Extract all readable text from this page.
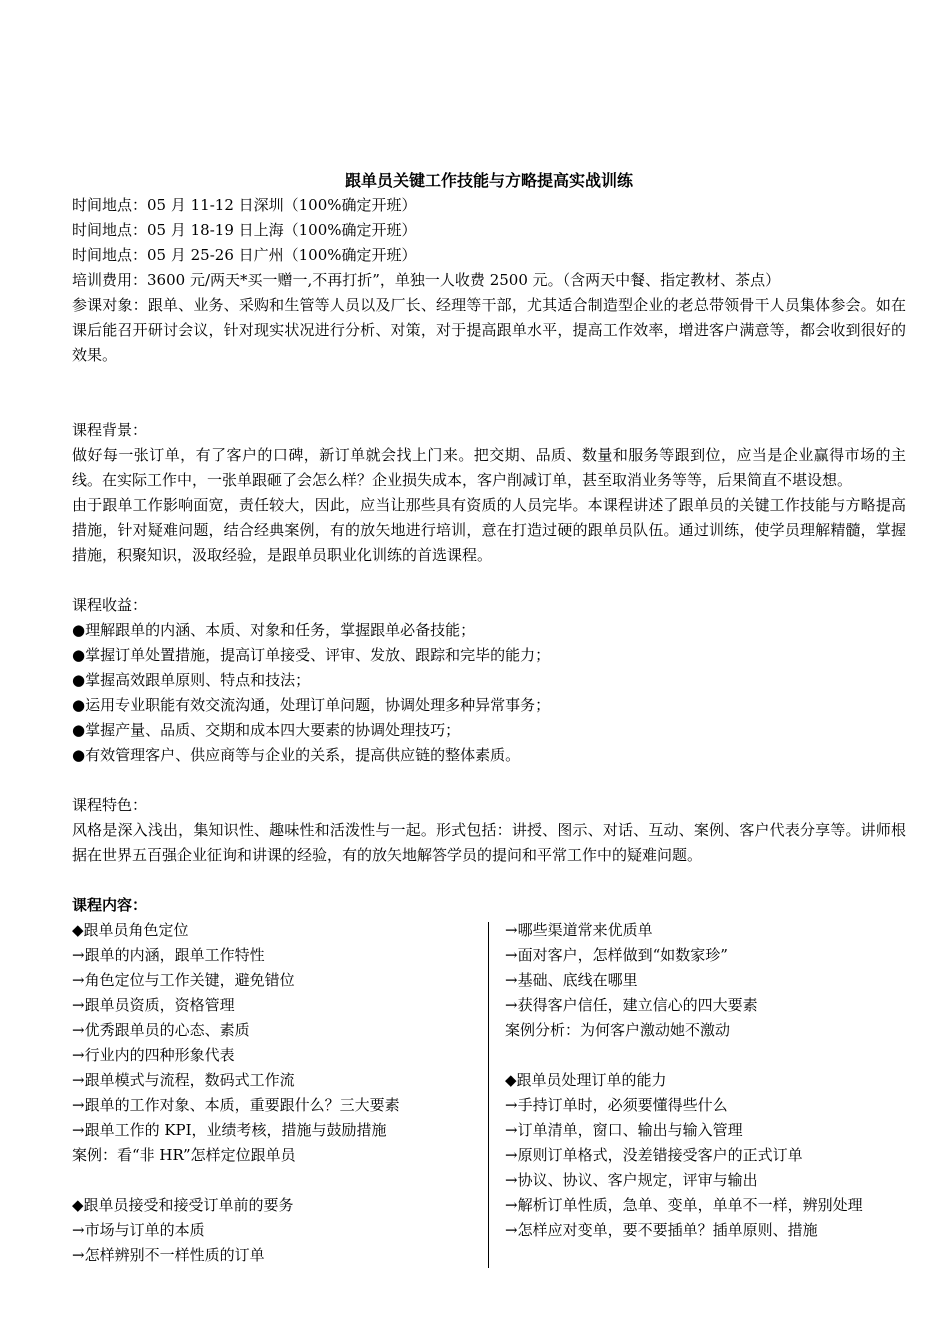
跟单员关键工作技能与方略提高实战训练

时间地点：05 月 11-12 日深圳（100%确定开班）

时间地点：05 月 18-19 日上海（100%确定开班）

时间地点：05 月 25-26 日广州（100%确定开班）

培训费用：3600 元/两天*买一赠一,不再打折”，单独一人收费 2500 元。（含两天中餐、指定教材、茶点）

参课对象：跟单、业务、采购和生管等人员以及厂长、经理等干部，尤其适合制造型企业的老总带领骨干人员集体参会。如在课后能召开研讨会议，针对现实状况进行分析、对策，对于提高跟单水平，提高工作效率，增进客户满意等，都会收到很好的效果。

课程背景：

做好每一张订单，有了客户的口碑，新订单就会找上门来。把交期、品质、数量和服务等跟到位，应当是企业赢得市场的主线。在实际工作中，一张单跟砸了会怎么样？企业损失成本，客户削减订单，甚至取消业务等等，后果简直不堪设想。

由于跟单工作影响面宽，责任较大，因此，应当让那些具有资质的人员完毕。本课程讲述了跟单员的关键工作技能与方略提高措施，针对疑难问题，结合经典案例，有的放矢地进行培训，意在打造过硬的跟单员队伍。通过训练，使学员理解精髓，掌握措施，积聚知识，汲取经验，是跟单员职业化训练的首选课程。

课程收益：

●理解跟单的内涵、本质、对象和任务，掌握跟单必备技能；

●掌握订单处置措施，提高订单接受、评审、发放、跟踪和完毕的能力；

●掌握高效跟单原则、特点和技法；

●运用专业职能有效交流沟通，处理订单问题，协调处理多种异常事务；

●掌握产量、品质、交期和成本四大要素的协调处理技巧；

●有效管理客户、供应商等与企业的关系，提高供应链的整体素质。

课程特色：

风格是深入浅出，集知识性、趣味性和活泼性与一起。形式包括：讲授、图示、对话、互动、案例、客户代表分享等。讲师根据在世界五百强企业征询和讲课的经验，有的放矢地解答学员的提问和平常工作中的疑难问题。

课程内容：

◆跟单员角色定位

→跟单的内涵，跟单工作特性

→角色定位与工作关键，避免错位

→跟单员资质，资格管理

→优秀跟单员的心态、素质

→行业内的四种形象代表

→跟单模式与流程，数码式工作流

→跟单的工作对象、本质，重要跟什么？三大要素

→跟单工作的 KPI，业绩考核，措施与鼓励措施

案例：看“非 HR”怎样定位跟单员

◆跟单员接受和接受订单前的要务

→市场与订单的本质

→怎样辨别不一样性质的订单

→哪些渠道常来优质单

→面对客户，怎样做到“如数家珍”

→基础、底线在哪里

→获得客户信任，建立信心的四大要素

案例分析：为何客户激动她不激动

◆跟单员处理订单的能力

→手持订单时，必须要懂得些什么

→订单清单，窗口、输出与输入管理

→原则订单格式，没差错接受客户的正式订单

→协议、协议、客户规定，评审与输出

→解析订单性质，急单、变单，单单不一样，辨别处理

→怎样应对变单，要不要插单？插单原则、措施
